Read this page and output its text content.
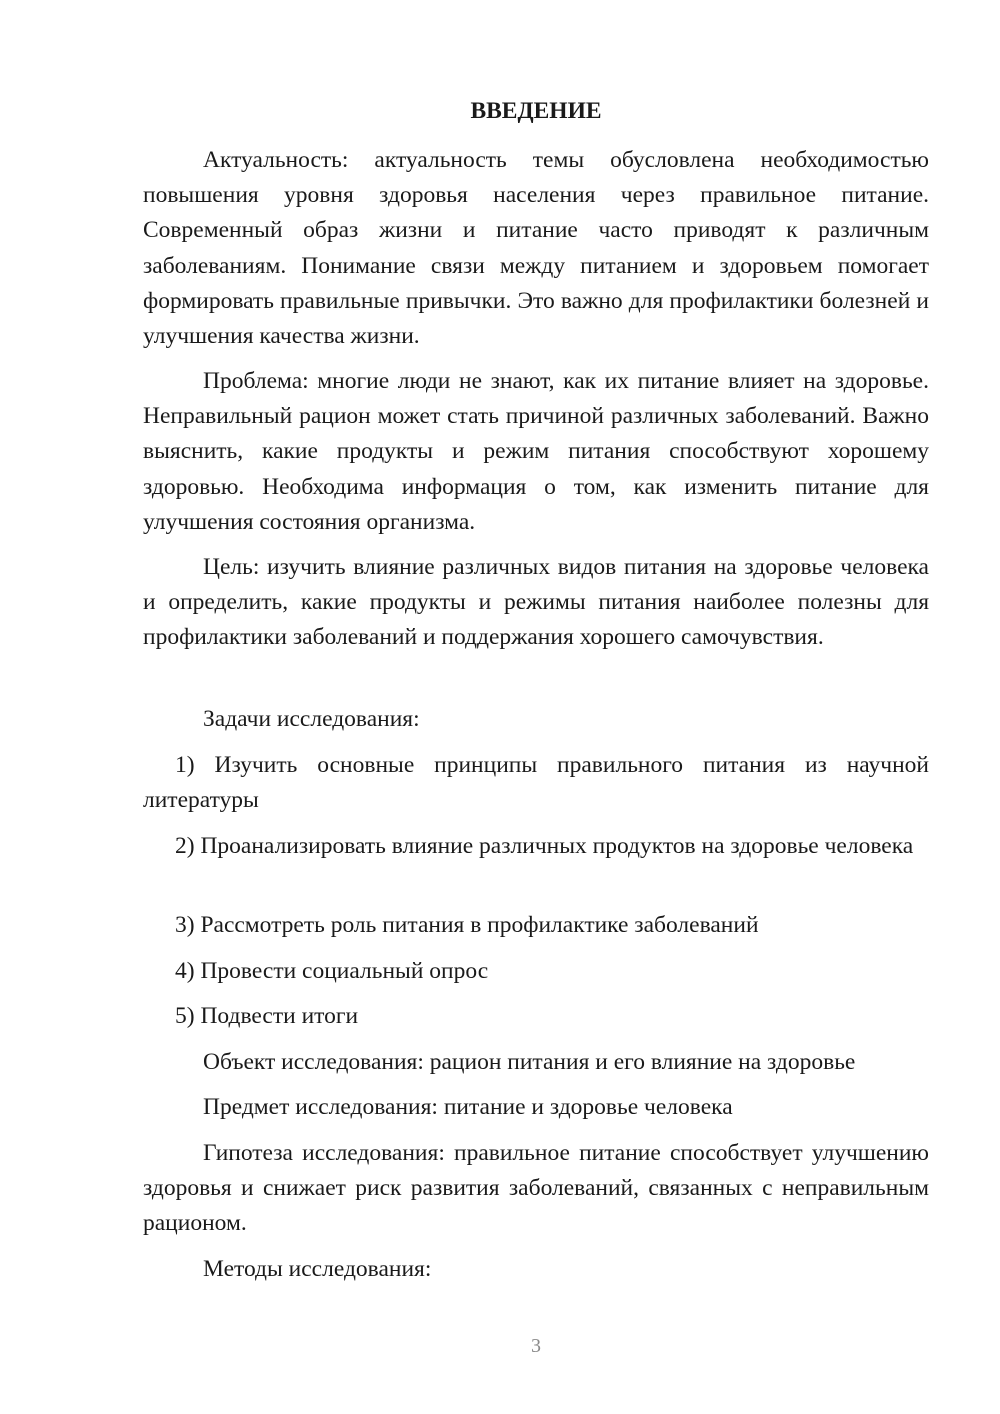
ВВЕДЕНИЕ

Актуальность: актуальность темы обусловлена необходимостью повышения уровня здоровья населения через правильное питание. Современный образ жизни и питание часто приводят к различным заболеваниям. Понимание связи между питанием и здоровьем помогает формировать правильные привычки. Это важно для профилактики болезней и улучшения качества жизни.

Проблема: многие люди не знают, как их питание влияет на здоровье. Неправильный рацион может стать причиной различных заболеваний. Важно выяснить, какие продукты и режим питания способствуют хорошему здоровью. Необходима информация о том, как изменить питание для улучшения состояния организма.

Цель: изучить влияние различных видов питания на здоровье человека и определить, какие продукты и режимы питания наиболее полезны для профилактики заболеваний и поддержания хорошего самочувствия.

Задачи исследования:

1) Изучить основные принципы правильного питания из научной литературы

2) Проанализировать влияние различных продуктов на здоровье человека

3) Рассмотреть роль питания в профилактике заболеваний

4) Провести социальный опрос

5) Подвести итоги

Объект исследования: рацион питания и его влияние на здоровье

Предмет исследования: питание и здоровье человека

Гипотеза исследования: правильное питание способствует улучшению здоровья и снижает риск развития заболеваний, связанных с неправильным рационом.

Методы исследования:

3
